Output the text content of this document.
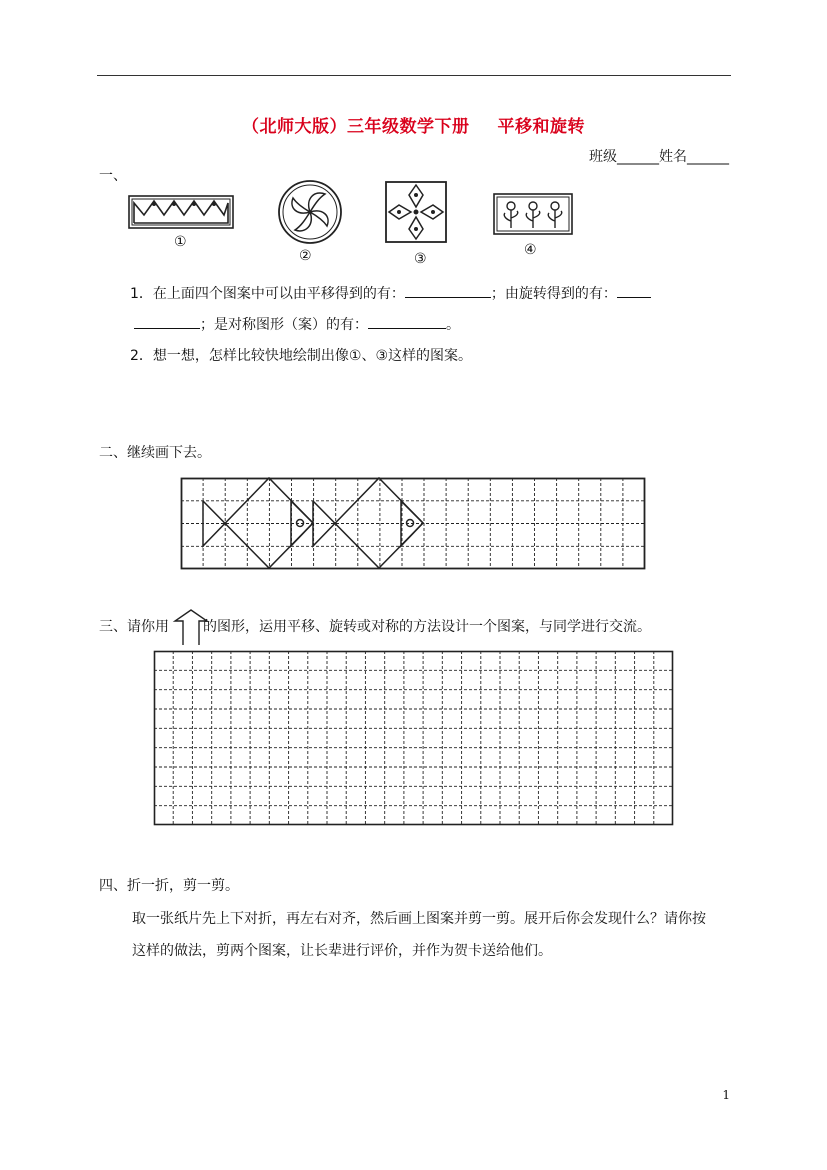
（北师大版）三年级数学下册 平移和旋转
班级______姓名______
一、
①
②	③
④
1．在上面四个图案中可以由平移得到的有：	；由旋转得到的有：
；是对称图形（案）的有：	。
2．想一想，怎样比较快地绘制出像①、③这样的图案。
二、继续画下去。
三、请你用 的图形，运用平移、旋转或对称的方法设计一个图案，与同学进行交流。
四、折一折，剪一剪。
取一张纸片先上下对折，再左右对齐，然后画上图案并剪一剪。展开后你会发现什么？请你按
这样的做法，剪两个图案，让长辈进行评价，并作为贺卡送给他们。
1
